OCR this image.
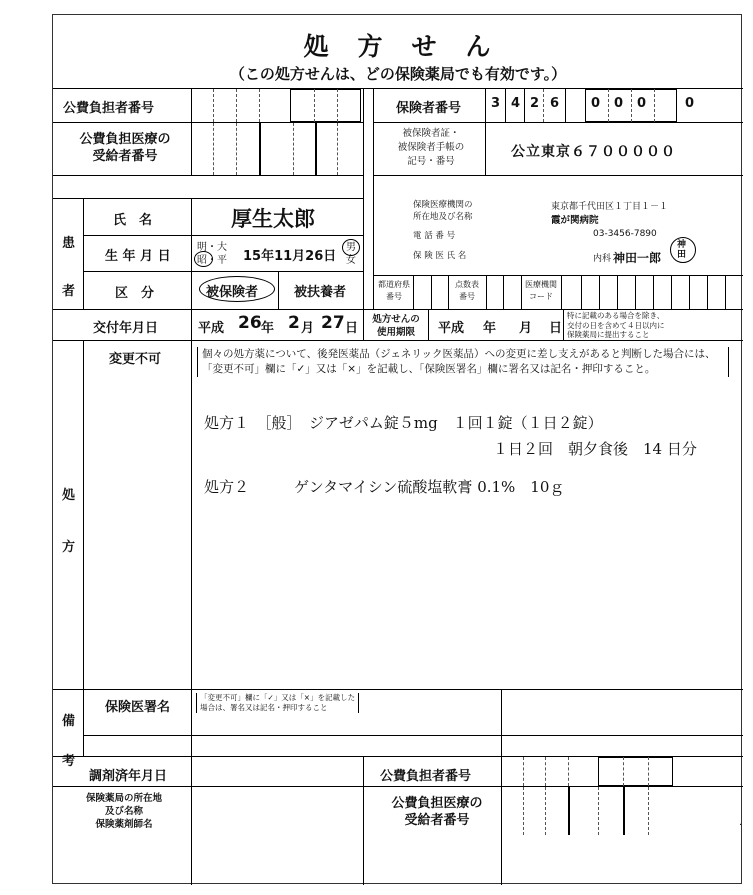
処　方　せ　ん
（この処方せんは、どの保険薬局でも有効です。）
公費負担者番号
公費負担医療の
受給者番号
保険者番号 3 4 2 6 0 0 0	0
被保険者証・
被保険者手帳の
記号・番号
公立東京６７０００００
患
者
氏　名	厚生太郎
生 年 月 日
明・大
昭・平 15年11月26日
男
女
区　分	被保険者	被扶養者
保険医療機関の
所在地及び名称
東京都千代田区１丁目１－１
霞が関病院
電 話 番 号	03-3456-7890
保 険 医 氏 名	内科 神田一郎
神
田
都道府県
番号
点数表
番号
医療機関
コード
交付年月日	平成 26 年 2 月 27 日
処方せんの
使用期限	平成 年 月 日
特に記載のある場合を除き、
交付の日を含めて４日以内に
保険薬局に提出すること
処
方
変更不可	個々の処方薬について、後発医薬品（ジェネリック医薬品）への変更に差し支えがあると判断した場合には、「変更不可」欄に「✓」又は「×」を記載し、「保険医署名」欄に署名又は記名・押印すること。
処方１　［般］　ジアゼパム錠５mg　１回１錠（１日２錠）
１日２回　朝夕食後　14 日分
処方２　　　ゲンタマイシン硫酸塩軟膏 0.1%　10ｇ
備
考
保険医署名
「変更不可」欄に「✓」又は「×」を記載した
場合は、署名又は記名・押印すること
調剤済年月日
保険薬局の所在地
及び名称
保険薬剤師名
公費負担者番号
公費負担医療の
受給者番号	·
